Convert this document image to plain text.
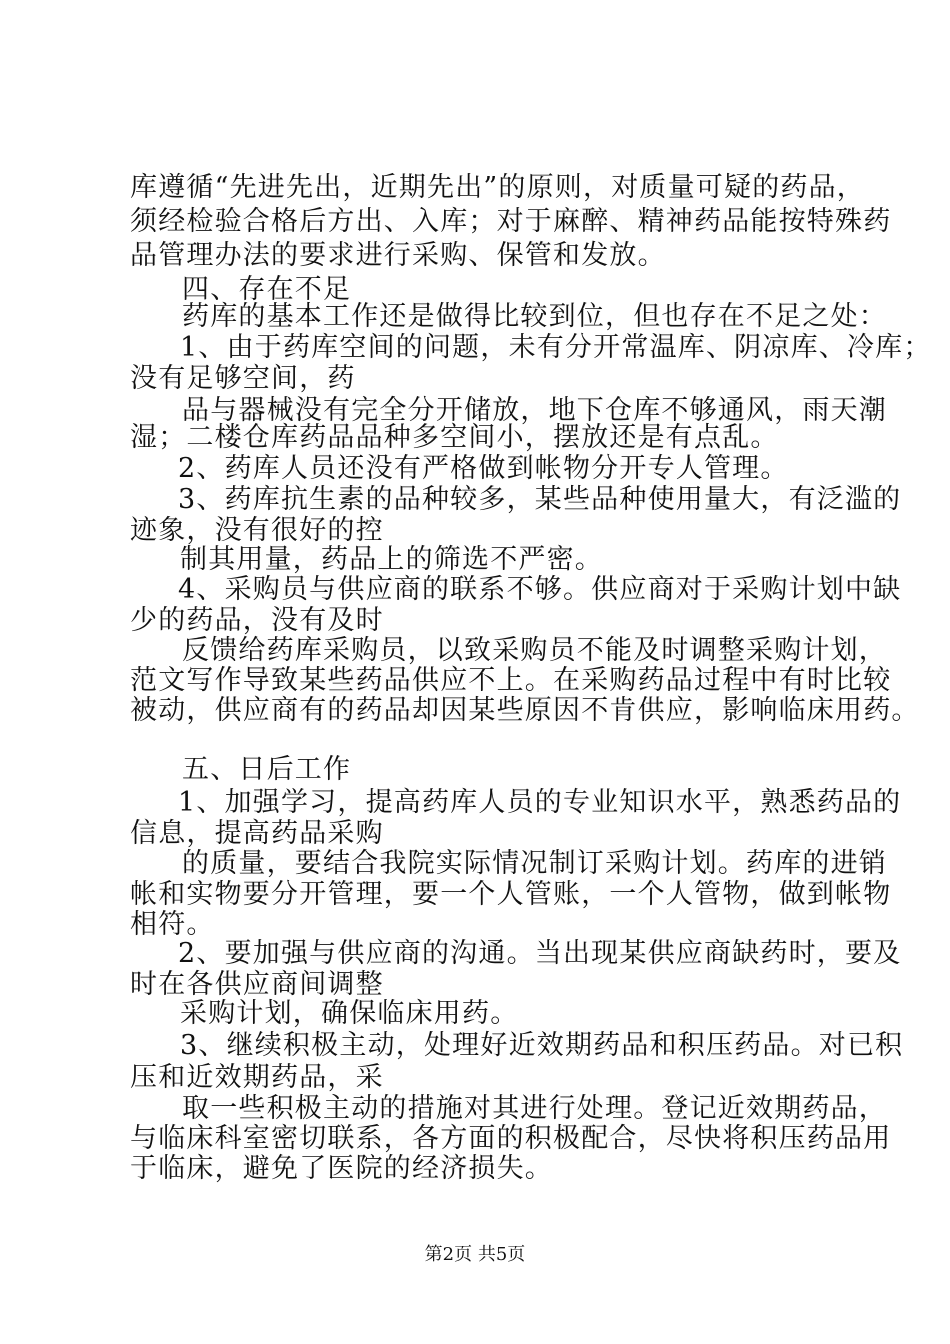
库遵循“先进先出，近期先出”的原则，对质量可疑的药品，
须经检验合格后方出、入库；对于麻醉、精神药品能按特殊药
品管理办法的要求进行采购、保管和发放。
四、存在不足
药库的基本工作还是做得比较到位，但也存在不足之处：
1、由于药库空间的问题，未有分开常温库、阴凉库、冷库；
没有足够空间，药
品与器械没有完全分开储放，地下仓库不够通风，雨天潮
湿；二楼仓库药品品种多空间小，摆放还是有点乱。
2、药库人员还没有严格做到帐物分开专人管理。
3、药库抗生素的品种较多，某些品种使用量大，有泛滥的
迹象，没有很好的控
制其用量，药品上的筛选不严密。
4、采购员与供应商的联系不够。供应商对于采购计划中缺
少的药品，没有及时
反馈给药库采购员，以致采购员不能及时调整采购计划，
范文写作导致某些药品供应不上。在采购药品过程中有时比较
被动，供应商有的药品却因某些原因不肯供应，影响临床用药。
五、日后工作
1、加强学习，提高药库人员的专业知识水平，熟悉药品的
信息，提高药品采购
的质量，要结合我院实际情况制订采购计划。药库的进销
帐和实物要分开管理，要一个人管账，一个人管物，做到帐物
相符。
2、要加强与供应商的沟通。当出现某供应商缺药时，要及
时在各供应商间调整
采购计划，确保临床用药。
3、继续积极主动，处理好近效期药品和积压药品。对已积
压和近效期药品，采
取一些积极主动的措施对其进行处理。登记近效期药品，
与临床科室密切联系，各方面的积极配合，尽快将积压药品用
于临床，避免了医院的经济损失。
第2页 共5页
